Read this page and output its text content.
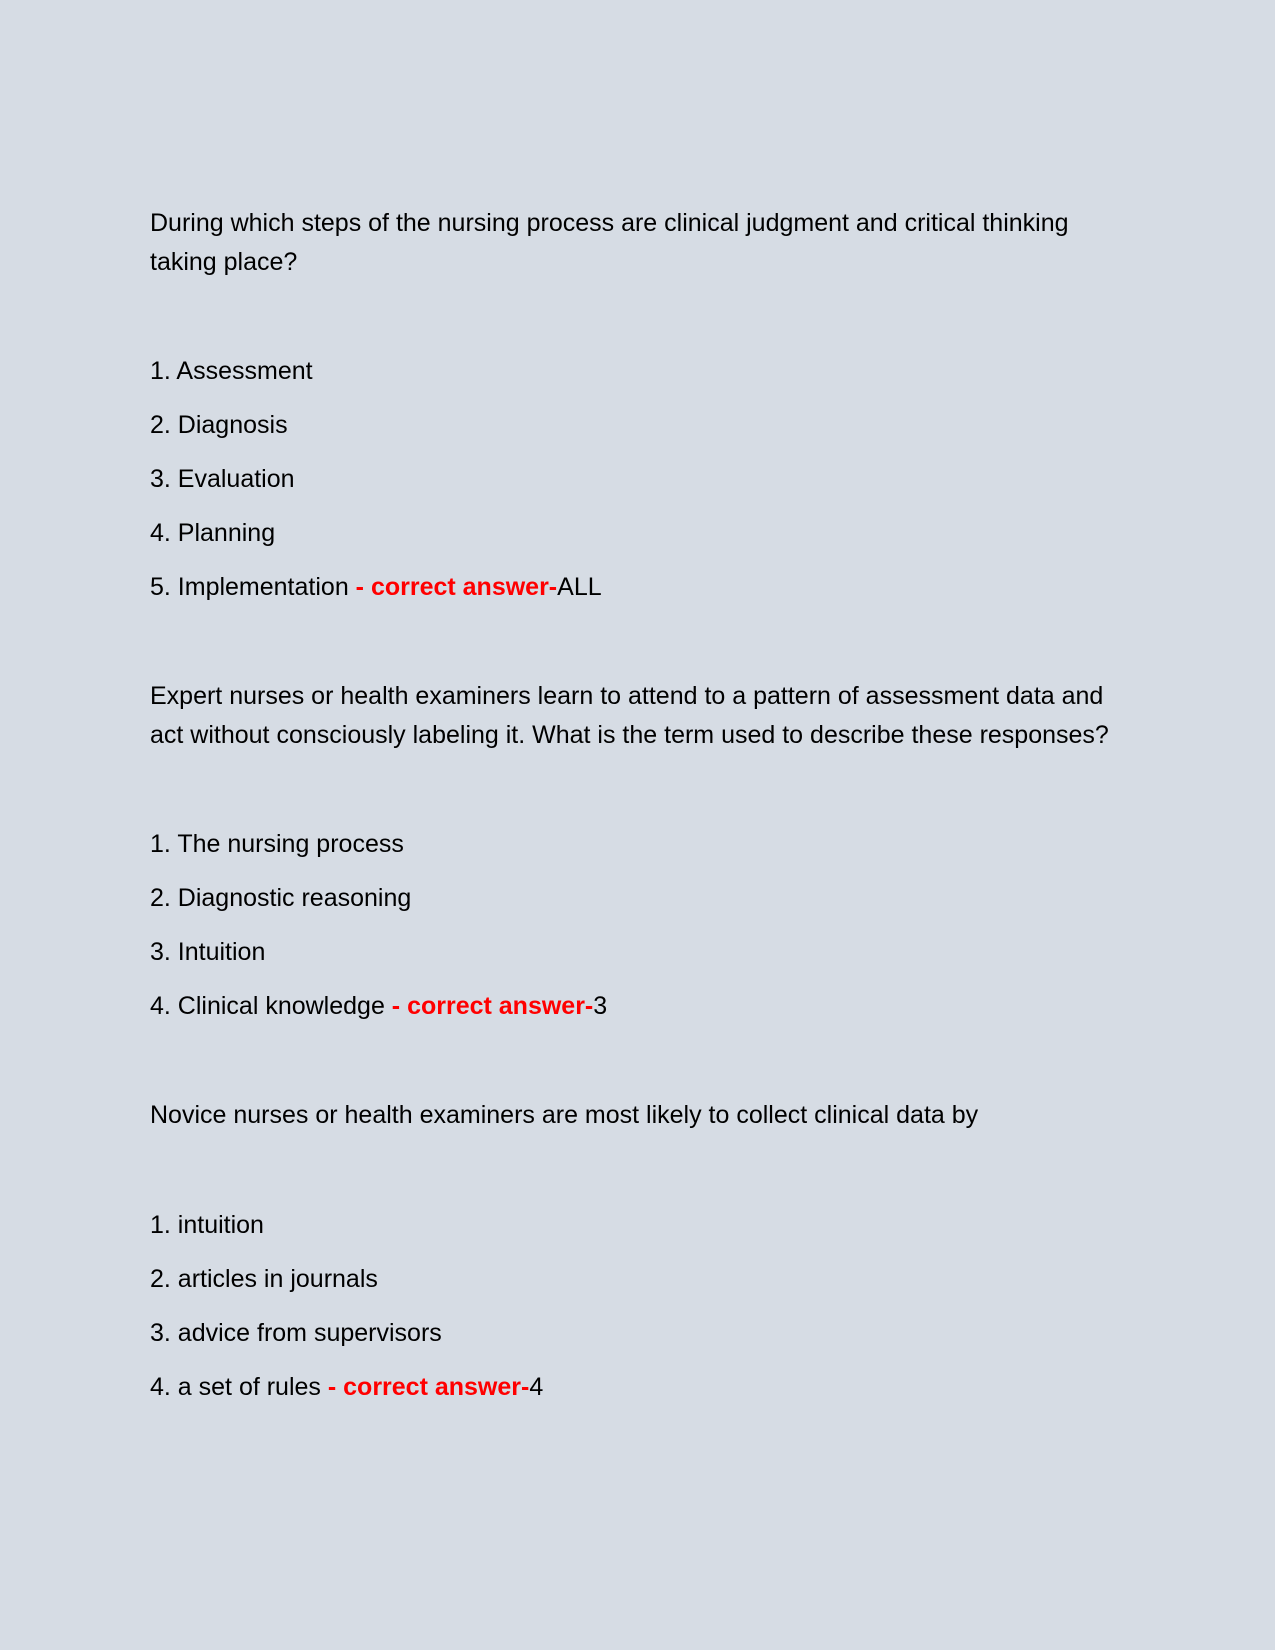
During which steps of the nursing process are clinical judgment and critical thinking taking place?

1. Assessment
2. Diagnosis
3. Evaluation
4. Planning
5. Implementation - correct answer-ALL

Expert nurses or health examiners learn to attend to a pattern of assessment data and act without consciously labeling it. What is the term used to describe these responses?

1. The nursing process
2. Diagnostic reasoning
3. Intuition
4. Clinical knowledge - correct answer-3

Novice nurses or health examiners are most likely to collect clinical data by

1. intuition
2. articles in journals
3. advice from supervisors
4. a set of rules - correct answer-4
